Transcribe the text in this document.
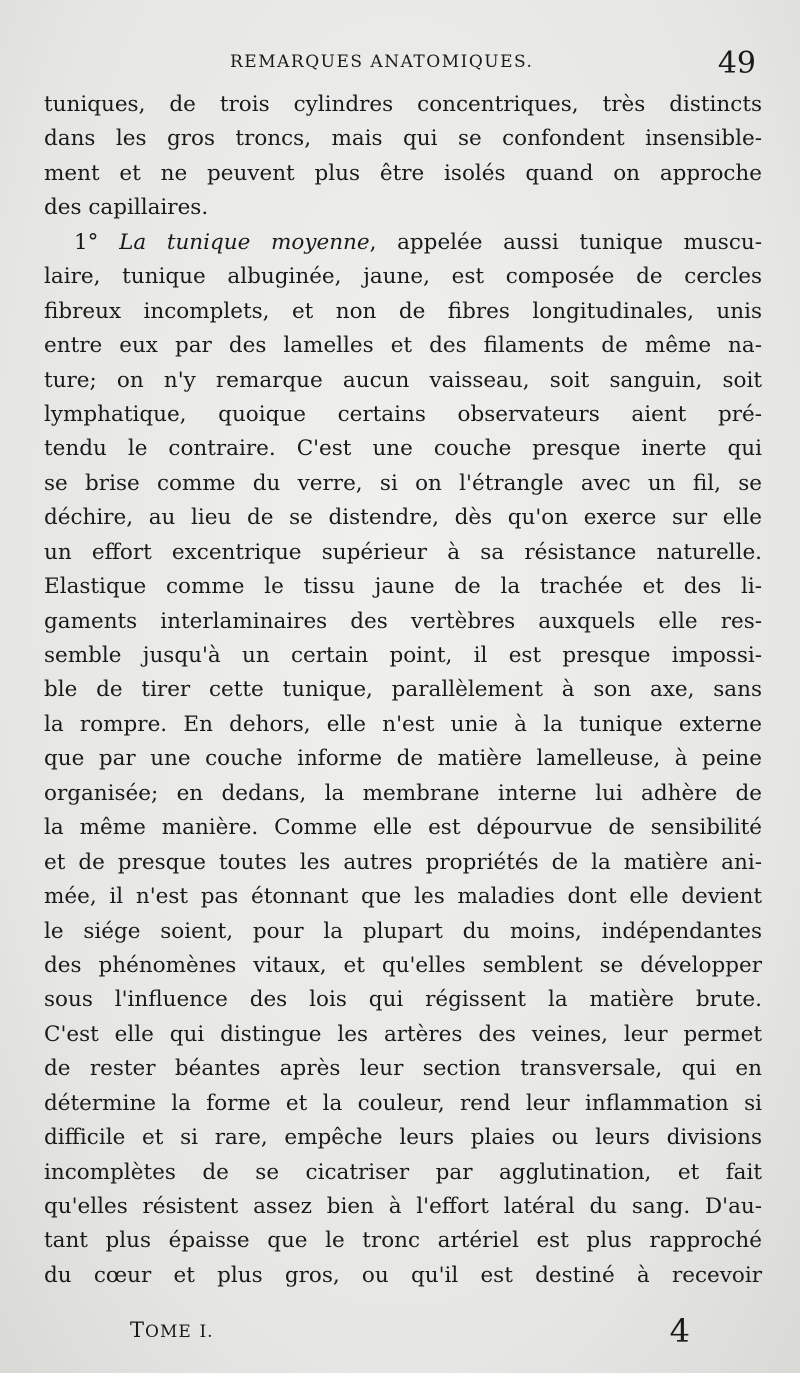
REMARQUES ANATOMIQUES.	49
tuniques, de trois cylindres concentriques, très distincts
dans les gros troncs, mais qui se confondent insensible-
ment et ne peuvent plus être isolés quand on approche
des capillaires.
1° La tunique moyenne, appelée aussi tunique muscu-
laire, tunique albuginée, jaune, est composée de cercles
fibreux incomplets, et non de fibres longitudinales, unis
entre eux par des lamelles et des filaments de même na-
ture; on n'y remarque aucun vaisseau, soit sanguin, soit
lymphatique, quoique certains observateurs aient pré-
tendu le contraire. C'est une couche presque inerte qui
se brise comme du verre, si on l'étrangle avec un fil, se
déchire, au lieu de se distendre, dès qu'on exerce sur elle
un effort excentrique supérieur à sa résistance naturelle.
Elastique comme le tissu jaune de la trachée et des li-
gaments interlaminaires des vertèbres auxquels elle res-
semble jusqu'à un certain point, il est presque impossi-
ble de tirer cette tunique, parallèlement à son axe, sans
la rompre. En dehors, elle n'est unie à la tunique externe
que par une couche informe de matière lamelleuse, à peine
organisée; en dedans, la membrane interne lui adhère de
la même manière. Comme elle est dépourvue de sensibilité
et de presque toutes les autres propriétés de la matière ani-
mée, il n'est pas étonnant que les maladies dont elle devient
le siége soient, pour la plupart du moins, indépendantes
des phénomènes vitaux, et qu'elles semblent se développer
sous l'influence des lois qui régissent la matière brute.
C'est elle qui distingue les artères des veines, leur permet
de rester béantes après leur section transversale, qui en
détermine la forme et la couleur, rend leur inflammation si
difficile et si rare, empêche leurs plaies ou leurs divisions
incomplètes de se cicatriser par agglutination, et fait
qu'elles résistent assez bien à l'effort latéral du sang. D'au-
tant plus épaisse que le tronc artériel est plus rapproché
du cœur et plus gros, ou qu'il est destiné à recevoir
TOME I.	4
